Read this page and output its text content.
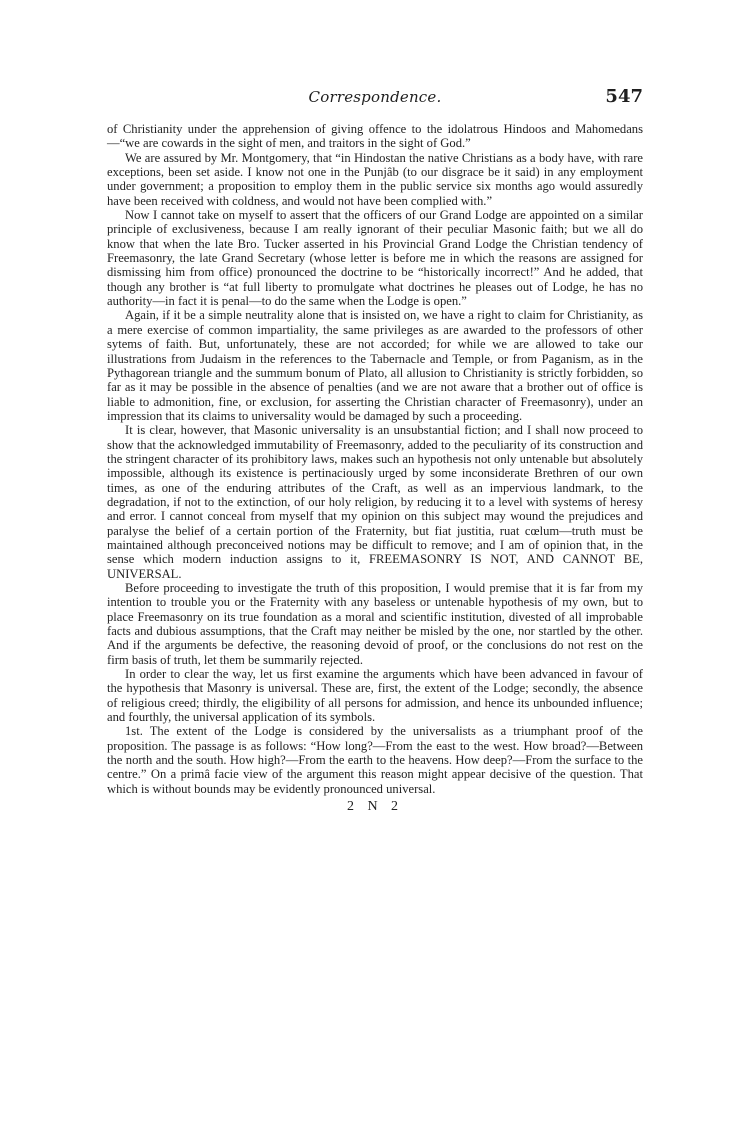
Correspondence.	547

of Christianity under the apprehension of giving offence to the idolatrous Hindoos and Mahomedans—“we are cowards in the sight of men, and traitors in the sight of God.”

We are assured by Mr. Montgomery, that “in Hindostan the native Christians as a body have, with rare exceptions, been set aside. I know not one in the Punjâb (to our disgrace be it said) in any employment under government; a proposition to employ them in the public service six months ago would assuredly have been received with coldness, and would not have been complied with.”

Now I cannot take on myself to assert that the officers of our Grand Lodge are appointed on a similar principle of exclusiveness, because I am really ignorant of their peculiar Masonic faith; but we all do know that when the late Bro. Tucker asserted in his Provincial Grand Lodge the Christian tendency of Freemasonry, the late Grand Secretary (whose letter is before me in which the reasons are assigned for dismissing him from office) pronounced the doctrine to be “historically incorrect!” And he added, that though any brother is “at full liberty to promulgate what doctrines he pleases out of Lodge, he has no authority—in fact it is penal—to do the same when the Lodge is open.”

Again, if it be a simple neutrality alone that is insisted on, we have a right to claim for Christianity, as a mere exercise of common impartiality, the same privileges as are awarded to the professors of other sytems of faith. But, unfortunately, these are not accorded; for while we are allowed to take our illustrations from Judaism in the references to the Tabernacle and Temple, or from Paganism, as in the Pythagorean triangle and the summum bonum of Plato, all allusion to Christianity is strictly forbidden, so far as it may be possible in the absence of penalties (and we are not aware that a brother out of office is liable to admonition, fine, or exclusion, for asserting the Christian character of Freemasonry), under an impression that its claims to universality would be damaged by such a proceeding.

It is clear, however, that Masonic universality is an unsubstantial fiction; and I shall now proceed to show that the acknowledged immutability of Freemasonry, added to the peculiarity of its construction and the stringent character of its prohibitory laws, makes such an hypothesis not only untenable but absolutely impossible, although its existence is pertinaciously urged by some inconsiderate Brethren of our own times, as one of the enduring attributes of the Craft, as well as an impervious landmark, to the degradation, if not to the extinction, of our holy religion, by reducing it to a level with systems of heresy and error. I cannot conceal from myself that my opinion on this subject may wound the prejudices and paralyse the belief of a certain portion of the Fraternity, but fiat justitia, ruat cœlum—truth must be maintained although preconceived notions may be difficult to remove; and I am of opinion that, in the sense which modern induction assigns to it, FREEMASONRY IS NOT, AND CANNOT BE, UNIVERSAL.

Before proceeding to investigate the truth of this proposition, I would premise that it is far from my intention to trouble you or the Fraternity with any baseless or untenable hypothesis of my own, but to place Freemasonry on its true foundation as a moral and scientific institution, divested of all improbable facts and dubious assumptions, that the Craft may neither be misled by the one, nor startled by the other. And if the arguments be defective, the reasoning devoid of proof, or the conclusions do not rest on the firm basis of truth, let them be summarily rejected.

In order to clear the way, let us first examine the arguments which have been advanced in favour of the hypothesis that Masonry is universal. These are, first, the extent of the Lodge; secondly, the absence of religious creed; thirdly, the eligibility of all persons for admission, and hence its unbounded influence; and fourthly, the universal application of its symbols.

1st. The extent of the Lodge is considered by the universalists as a triumphant proof of the proposition. The passage is as follows: “How long?—From the east to the west. How broad?—Between the north and the south. How high?—From the earth to the heavens. How deep?—From the surface to the centre.” On a primâ facie view of the argument this reason might appear decisive of the question. That which is without bounds may be evidently pronounced universal.

2 N 2
